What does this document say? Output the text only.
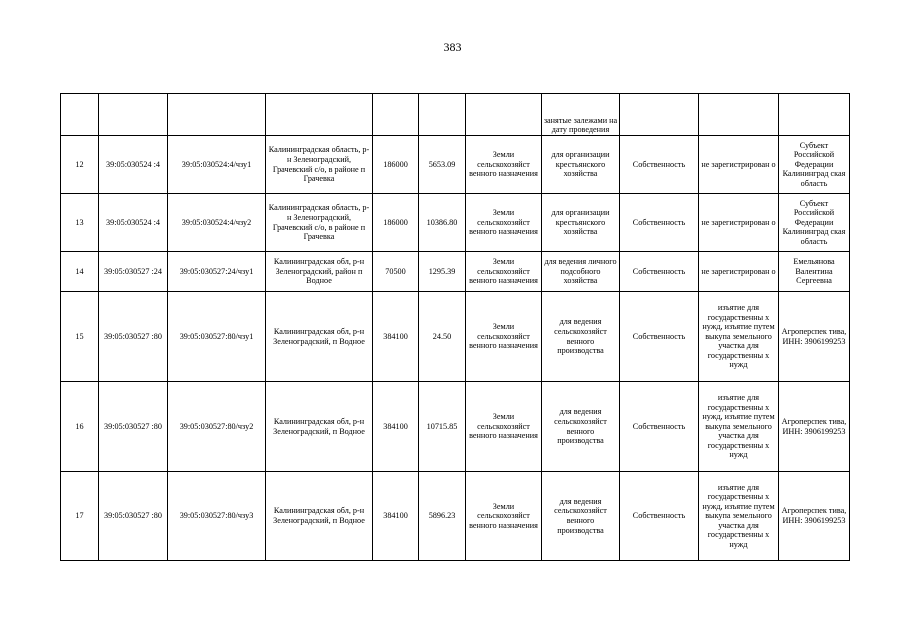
383
							занятые залежами на дату проведения			
12	39:05:030524 :4	39:05:030524:4/чзу1	Калининградская область, р-н Зеленоградский, Грачевский с/о, в районе п Грачевка	186000	5653.09	Земли сельскохозяйст венного назначения	для организации крестьянского хозяйства	Собственность	не зарегистрирован о	Субъект Российской Федерации Калининград ская область
13	39:05:030524 :4	39:05:030524:4/чзу2	Калининградская область, р-н Зеленоградский, Грачевский с/о, в районе п Грачевка	186000	10386.80	Земли сельскохозяйст венного назначения	для организации крестьянского хозяйства	Собственность	не зарегистрирован о	Субъект Российской Федерации Калининград ская область
14	39:05:030527 :24	39:05:030527:24/чзу1	Калининградская обл, р-н Зеленоградский, район п Водное	70500	1295.39	Земли сельскохозяйст венного назначения	для ведения личного подсобного хозяйства	Собственность	не зарегистрирован о	Емельянова Валентина Сергеевна
15	39:05:030527 :80	39:05:030527:80/чзу1	Калининградская обл, р-н Зеленоградский, п Водное	384100	24.50	Земли сельскохозяйст венного назначения	для ведения сельскохозяйст венного производства	Собственность	изъятие для государственны х нужд, изъятие путем выкупа земельного участка для государственны х нужд	Агроперспек тива, ИНН: 3906199253
16	39:05:030527 :80	39:05:030527:80/чзу2	Калининградская обл, р-н Зеленоградский, п Водное	384100	10715.85	Земли сельскохозяйст венного назначения	для ведения сельскохозяйст венного производства	Собственность	изъятие для государственны х нужд, изъятие путем выкупа земельного участка для государственны х нужд	Агроперспек тива, ИНН: 3906199253
17	39:05:030527 :80	39:05:030527:80/чзу3	Калининградская обл, р-н Зеленоградский, п Водное	384100	5896.23	Земли сельскохозяйст венного назначения	для ведения сельскохозяйст венного производства	Собственность	изъятие для государственны х нужд, изъятие путем выкупа земельного участка для государственны х нужд	Агроперспек тива, ИНН: 3906199253
